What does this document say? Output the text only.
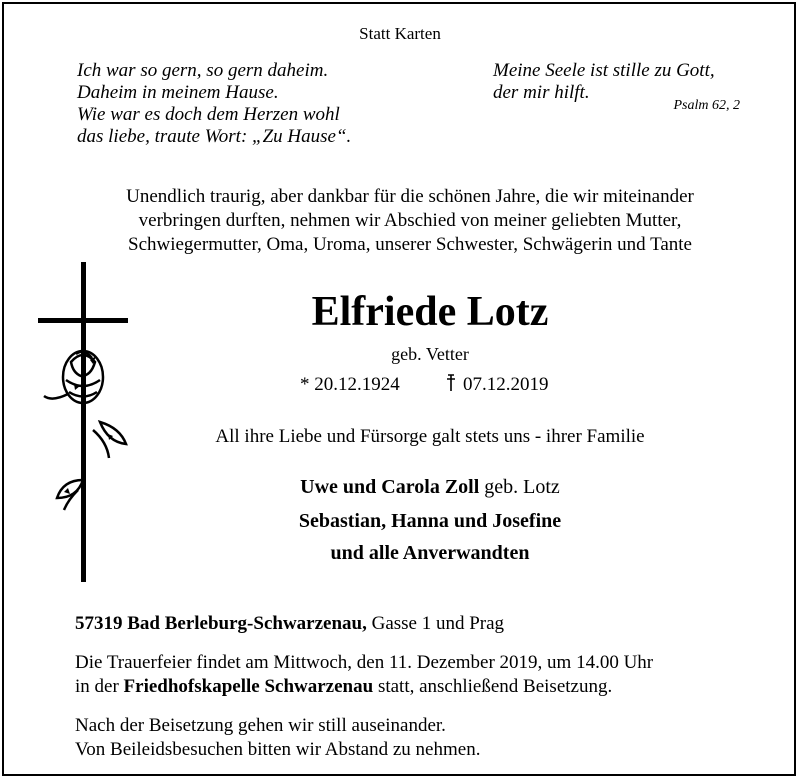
Statt Karten
Ich war so gern, so gern daheim.
Daheim in meinem Hause.
Wie war es doch dem Herzen wohl
das liebe, traute Wort: „Zu Hause“.
Meine Seele ist stille zu Gott,
der mir hilft.
Psalm 62, 2
Unendlich traurig, aber dankbar für die schönen Jahre, die wir miteinander
verbringen durften, nehmen wir Abschied von meiner geliebten Mutter,
Schwiegermutter, Oma, Uroma, unserer Schwester, Schwägerin und Tante
Elfriede Lotz
geb. Vetter
* 20.12.1924	07.12.2019
All ihre Liebe und Fürsorge galt stets uns - ihrer Familie
Uwe und Carola Zoll geb. Lotz
Sebastian, Hanna und Josefine
und alle Anverwandten
57319 Bad Berleburg-Schwarzenau, Gasse 1 und Prag
Die Trauerfeier findet am Mittwoch, den 11. Dezember 2019, um 14.00 Uhr
in der Friedhofskapelle Schwarzenau statt, anschließend Beisetzung.
Nach der Beisetzung gehen wir still auseinander.
Von Beileidsbesuchen bitten wir Abstand zu nehmen.
